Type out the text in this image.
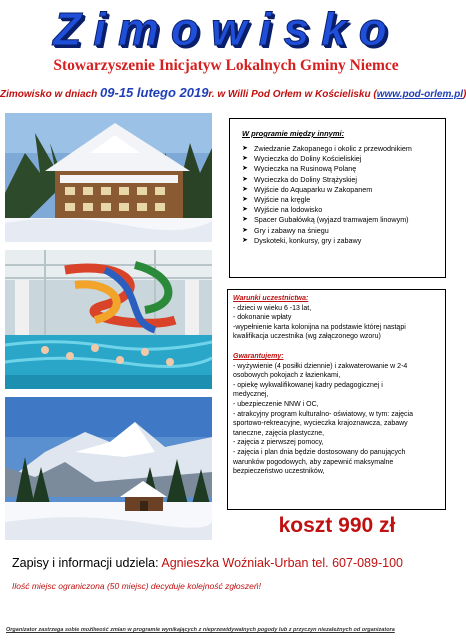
Zimowisko
Stowarzyszenie Inicjatyw Lokalnych Gminy Niemce
Zimowisko w dniach 09-15 lutego 2019r. w Willi Pod Orłem w Kościelisku (www.pod-orlem.pl
W programie między innymi:
➤ Zwiedzanie Zakopanego i okolic z przewodnikiem
➤ Wycieczka do Doliny Kościeliskiej
➤ Wycieczka na Rusinową Polanę
➤ Wycieczka do Doliny Strążyskiej
➤ Wyjście do Aquaparku w Zakopanem
➤ Wyjście na kręgle
➤ Wyjście na lodowisko
➤ Spacer Gubałówką (wyjazd tramwajem linowym)
➤ Gry i zabawy na śniegu
➤ Dyskoteki, konkursy, gry i zabawy
Warunki uczestnictwa:
- dzieci w wieku 6 -13 lat,
- dokonanie wpłaty
-wypełnienie karta kolonijna na podstawie której nastąpi
kwalifikacja uczestnika (wg załączonego wzoru)
Gwarantujemy:
- wyżywienie (4 posiłki dziennie) i zakwaterowanie w 2-4
osobowych pokojach z łazienkami,
- opiekę wykwalifikowanej kadry pedagogicznej i
medycznej,
- ubezpieczenie NNW i OC,
- atrakcyjny program kulturalno- oświatowy, w tym: zajęcia
sportowo-rekreacyjne, wycieczka krajoznawcza, zabawy
taneczne, zajęcia plastyczne,
- zajęcia z pierwszej pomocy,
- zajęcia i plan dnia będzie dostosowany do panujących
warunków pogodowych, aby zapewnić maksymalne
bezpieczeństwo uczestników,
koszt 990 zł
Zapisy i informacji udziela: Agnieszka Woźniak-Urban tel. 607-089-100
Ilość miejsc ograniczona (50 miejsc) decyduje kolejność zgłoszeń!
Organizator zastrzega sobie możliwość zmian w programie wynikających z nieprzewidywalnych pogody lub z przyczyn niezależnych od organizatora
